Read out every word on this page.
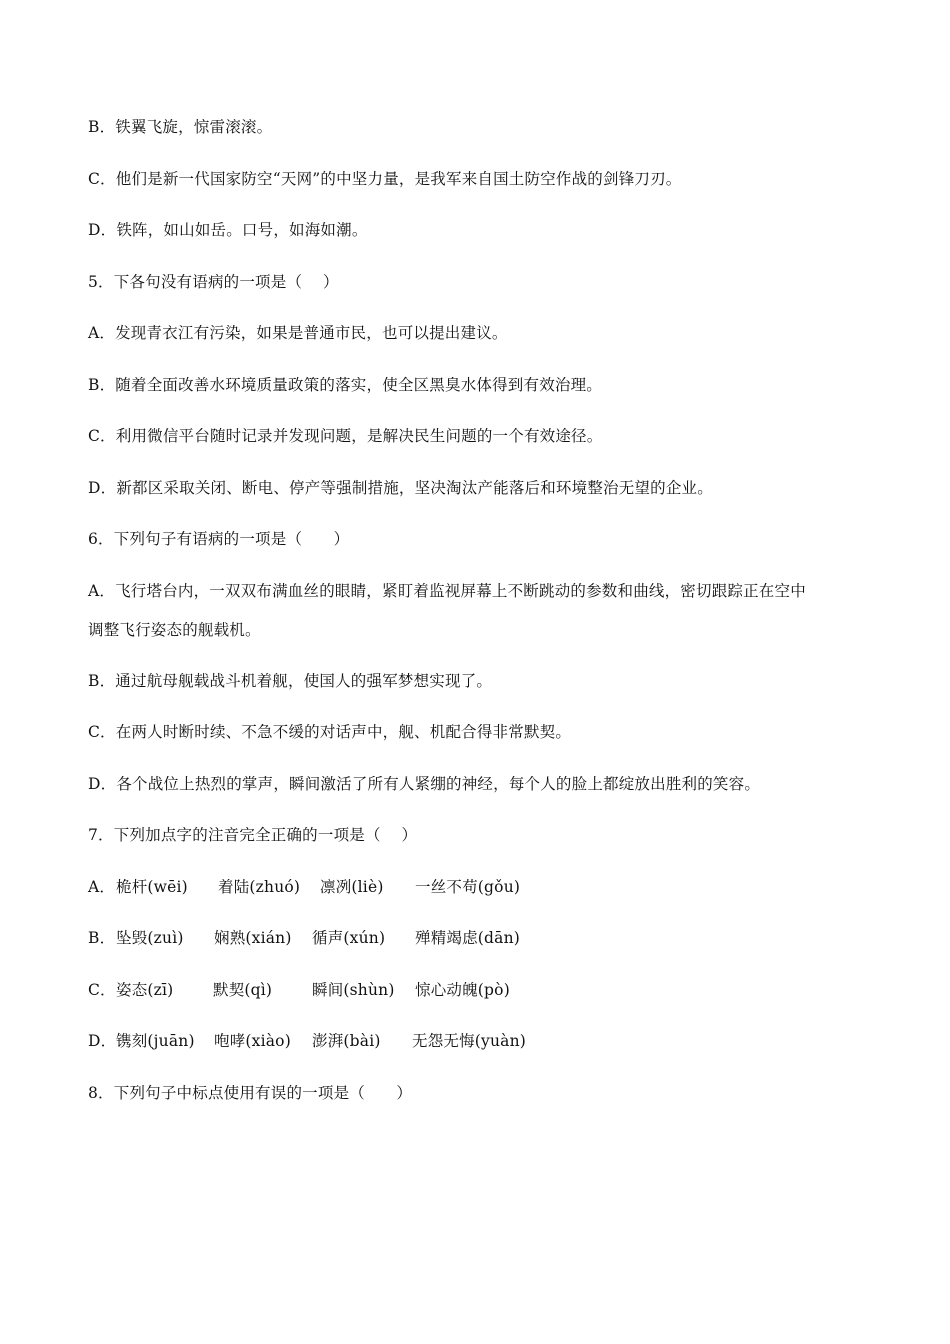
B．铁翼飞旋，惊雷滚滚。
C．他们是新一代国家防空“天网”的中坚力量，是我军来自国土防空作战的剑锋刀刃。
D．铁阵，如山如岳。口号，如海如潮。
5．下各句没有语病的一项是（　 ）
A．发现青衣江有污染，如果是普通市民，也可以提出建议。
B．随着全面改善水环境质量政策的落实，使全区黑臭水体得到有效治理。
C．利用微信平台随时记录并发现问题，是解决民生问题的一个有效途径。
D．新都区采取关闭、断电、停产等强制措施，坚决淘汰产能落后和环境整治无望的企业。
6．下列句子有语病的一项是（　　）
A．飞行塔台内，一双双布满血丝的眼睛，紧盯着监视屏幕上不断跳动的参数和曲线，密切跟踪正在空中
调整飞行姿态的舰载机。
B．通过航母舰载战斗机着舰，使国人的强军梦想实现了。
C．在两人时断时续、不急不缓的对话声中，舰、机配合得非常默契。
D．各个战位上热烈的掌声，瞬间激活了所有人紧绷的神经，每个人的脸上都绽放出胜利的笑容。
7．下列加点字的注音完全正确的一项是（　 ）
A．桅杆(wēi) 着陆(zhuó) 凛冽(liè) 一丝不苟(gǒu)
B．坠毁(zuì) 娴熟(xián) 循声(xún) 殚精竭虑(dān)
C．姿态(zī)	默契(qì)	瞬间(shùn) 惊心动魄(pò)
D．镌刻(juān) 咆哮(xiào) 澎湃(bài) 无怨无悔(yuàn)
8．下列句子中标点使用有误的一项是（　　）
